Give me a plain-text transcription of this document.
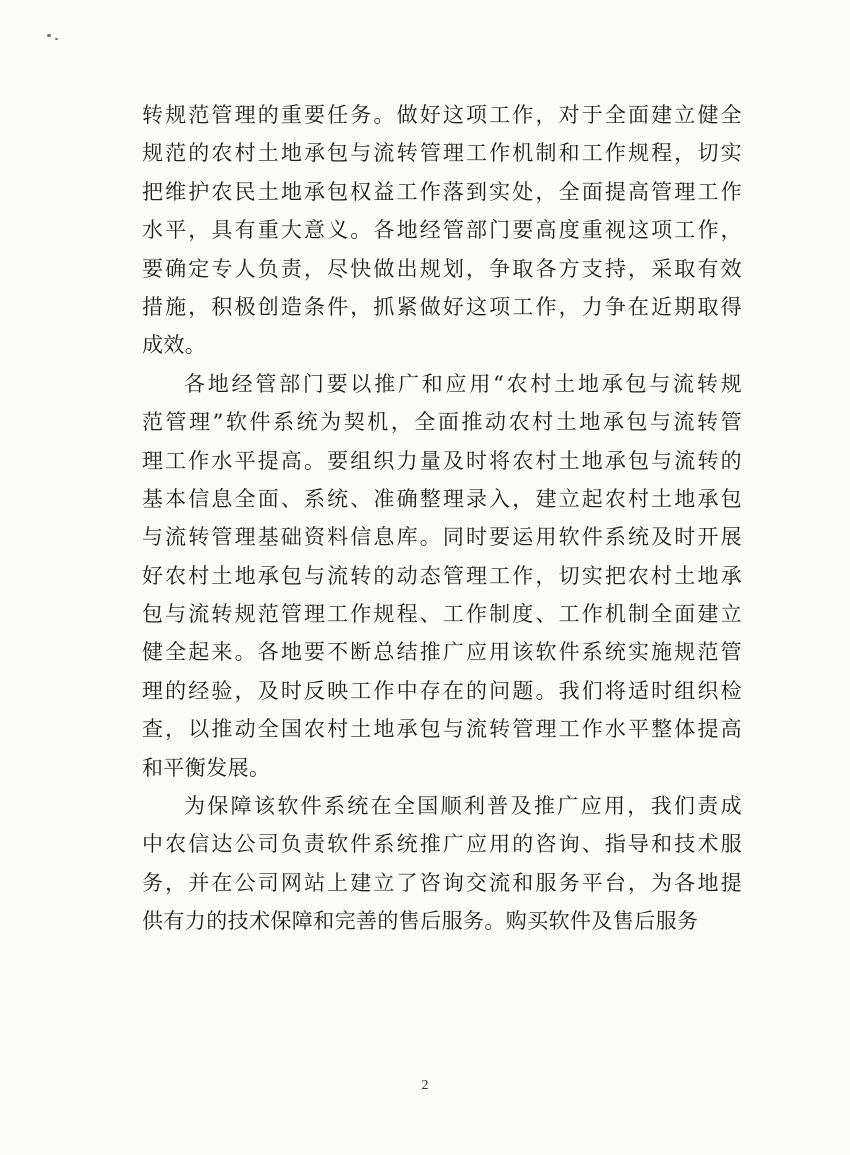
转规范管理的重要任务。做好这项工作，对于全面建立健全
规范的农村土地承包与流转管理工作机制和工作规程，切实
把维护农民土地承包权益工作落到实处，全面提高管理工作
水平，具有重大意义。各地经管部门要高度重视这项工作，
要确定专人负责，尽快做出规划，争取各方支持，采取有效
措施，积极创造条件，抓紧做好这项工作，力争在近期取得
成效。
各地经管部门要以推广和应用“农村土地承包与流转规
范管理”软件系统为契机，全面推动农村土地承包与流转管
理工作水平提高。要组织力量及时将农村土地承包与流转的
基本信息全面、系统、准确整理录入，建立起农村土地承包
与流转管理基础资料信息库。同时要运用软件系统及时开展
好农村土地承包与流转的动态管理工作，切实把农村土地承
包与流转规范管理工作规程、工作制度、工作机制全面建立
健全起来。各地要不断总结推广应用该软件系统实施规范管
理的经验，及时反映工作中存在的问题。我们将适时组织检
查，以推动全国农村土地承包与流转管理工作水平整体提高
和平衡发展。
为保障该软件系统在全国顺利普及推广应用，我们责成
中农信达公司负责软件系统推广应用的咨询、指导和技术服
务，并在公司网站上建立了咨询交流和服务平台，为各地提
供有力的技术保障和完善的售后服务。购买软件及售后服务
2
